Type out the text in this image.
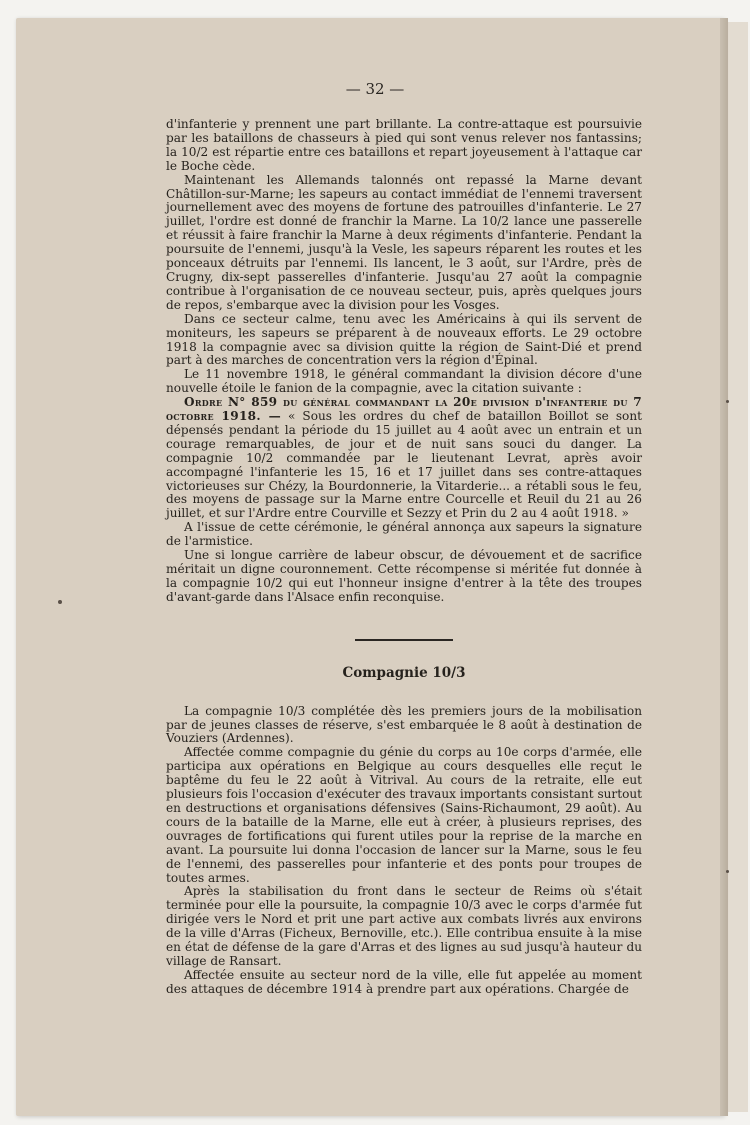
— 32 —

d'infanterie y prennent une part brillante. La contre-attaque est poursuivie par les bataillons de chasseurs à pied qui sont venus relever nos fantassins; la 10/2 est répartie entre ces bataillons et repart joyeusement à l'attaque car le Boche cède.

Maintenant les Allemands talonnés ont repassé la Marne devant Châtillon-sur-Marne; les sapeurs au contact immédiat de l'ennemi traversent journellement avec des moyens de fortune des patrouilles d'infanterie. Le 27 juillet, l'ordre est donné de franchir la Marne. La 10/2 lance une passerelle et réussit à faire franchir la Marne à deux régiments d'infanterie. Pendant la poursuite de l'ennemi, jusqu'à la Vesle, les sapeurs réparent les routes et les ponceaux détruits par l'ennemi. Ils lancent, le 3 août, sur l'Ardre, près de Crugny, dix-sept passerelles d'infanterie. Jusqu'au 27 août la compagnie contribue à l'organisation de ce nouveau secteur, puis, après quelques jours de repos, s'embarque avec la division pour les Vosges.

Dans ce secteur calme, tenu avec les Américains à qui ils servent de moniteurs, les sapeurs se préparent à de nouveaux efforts. Le 29 octobre 1918 la compagnie avec sa division quitte la région de Saint-Dié et prend part à des marches de concentration vers la région d'Épinal.

Le 11 novembre 1918, le général commandant la division décore d'une nouvelle étoile le fanion de la compagnie, avec la citation suivante :

Ordre N° 859 du général commandant la 20e division d'infanterie du 7 octobre 1918. — « Sous les ordres du chef de bataillon Boillot se sont dépensés pendant la période du 15 juillet au 4 août avec un entrain et un courage remarquables, de jour et de nuit sans souci du danger. La compagnie 10/2 commandée par le lieutenant Levrat, après avoir accompagné l'infanterie les 15, 16 et 17 juillet dans ses contre-attaques victorieuses sur Chézy, la Bourdonnerie, la Vitarderie... a rétabli sous le feu, des moyens de passage sur la Marne entre Courcelle et Reuil du 21 au 26 juillet, et sur l'Ardre entre Courville et Sezzy et Prin du 2 au 4 août 1918. »

A l'issue de cette cérémonie, le général annonça aux sapeurs la signature de l'armistice.

Une si longue carrière de labeur obscur, de dévouement et de sacrifice méritait un digne couronnement. Cette récompense si méritée fut donnée à la compagnie 10/2 qui eut l'honneur insigne d'entrer à la tête des troupes d'avant-garde dans l'Alsace enfin reconquise.

Compagnie 10/3

La compagnie 10/3 complétée dès les premiers jours de la mobilisation par de jeunes classes de réserve, s'est embarquée le 8 août à destination de Vouziers (Ardennes).

Affectée comme compagnie du génie du corps au 10e corps d'armée, elle participa aux opérations en Belgique au cours desquelles elle reçut le baptême du feu le 22 août à Vitrival. Au cours de la retraite, elle eut plusieurs fois l'occasion d'exécuter des travaux importants consistant surtout en destructions et organisations défensives (Sains-Richaumont, 29 août). Au cours de la bataille de la Marne, elle eut à créer, à plusieurs reprises, des ouvrages de fortifications qui furent utiles pour la reprise de la marche en avant. La poursuite lui donna l'occasion de lancer sur la Marne, sous le feu de l'ennemi, des passerelles pour infanterie et des ponts pour troupes de toutes armes.

Après la stabilisation du front dans le secteur de Reims où s'était terminée pour elle la poursuite, la compagnie 10/3 avec le corps d'armée fut dirigée vers le Nord et prit une part active aux combats livrés aux environs de la ville d'Arras (Ficheux, Bernoville, etc.). Elle contribua ensuite à la mise en état de défense de la gare d'Arras et des lignes au sud jusqu'à hauteur du village de Ransart.

Affectée ensuite au secteur nord de la ville, elle fut appelée au moment des attaques de décembre 1914 à prendre part aux opérations. Chargée de
